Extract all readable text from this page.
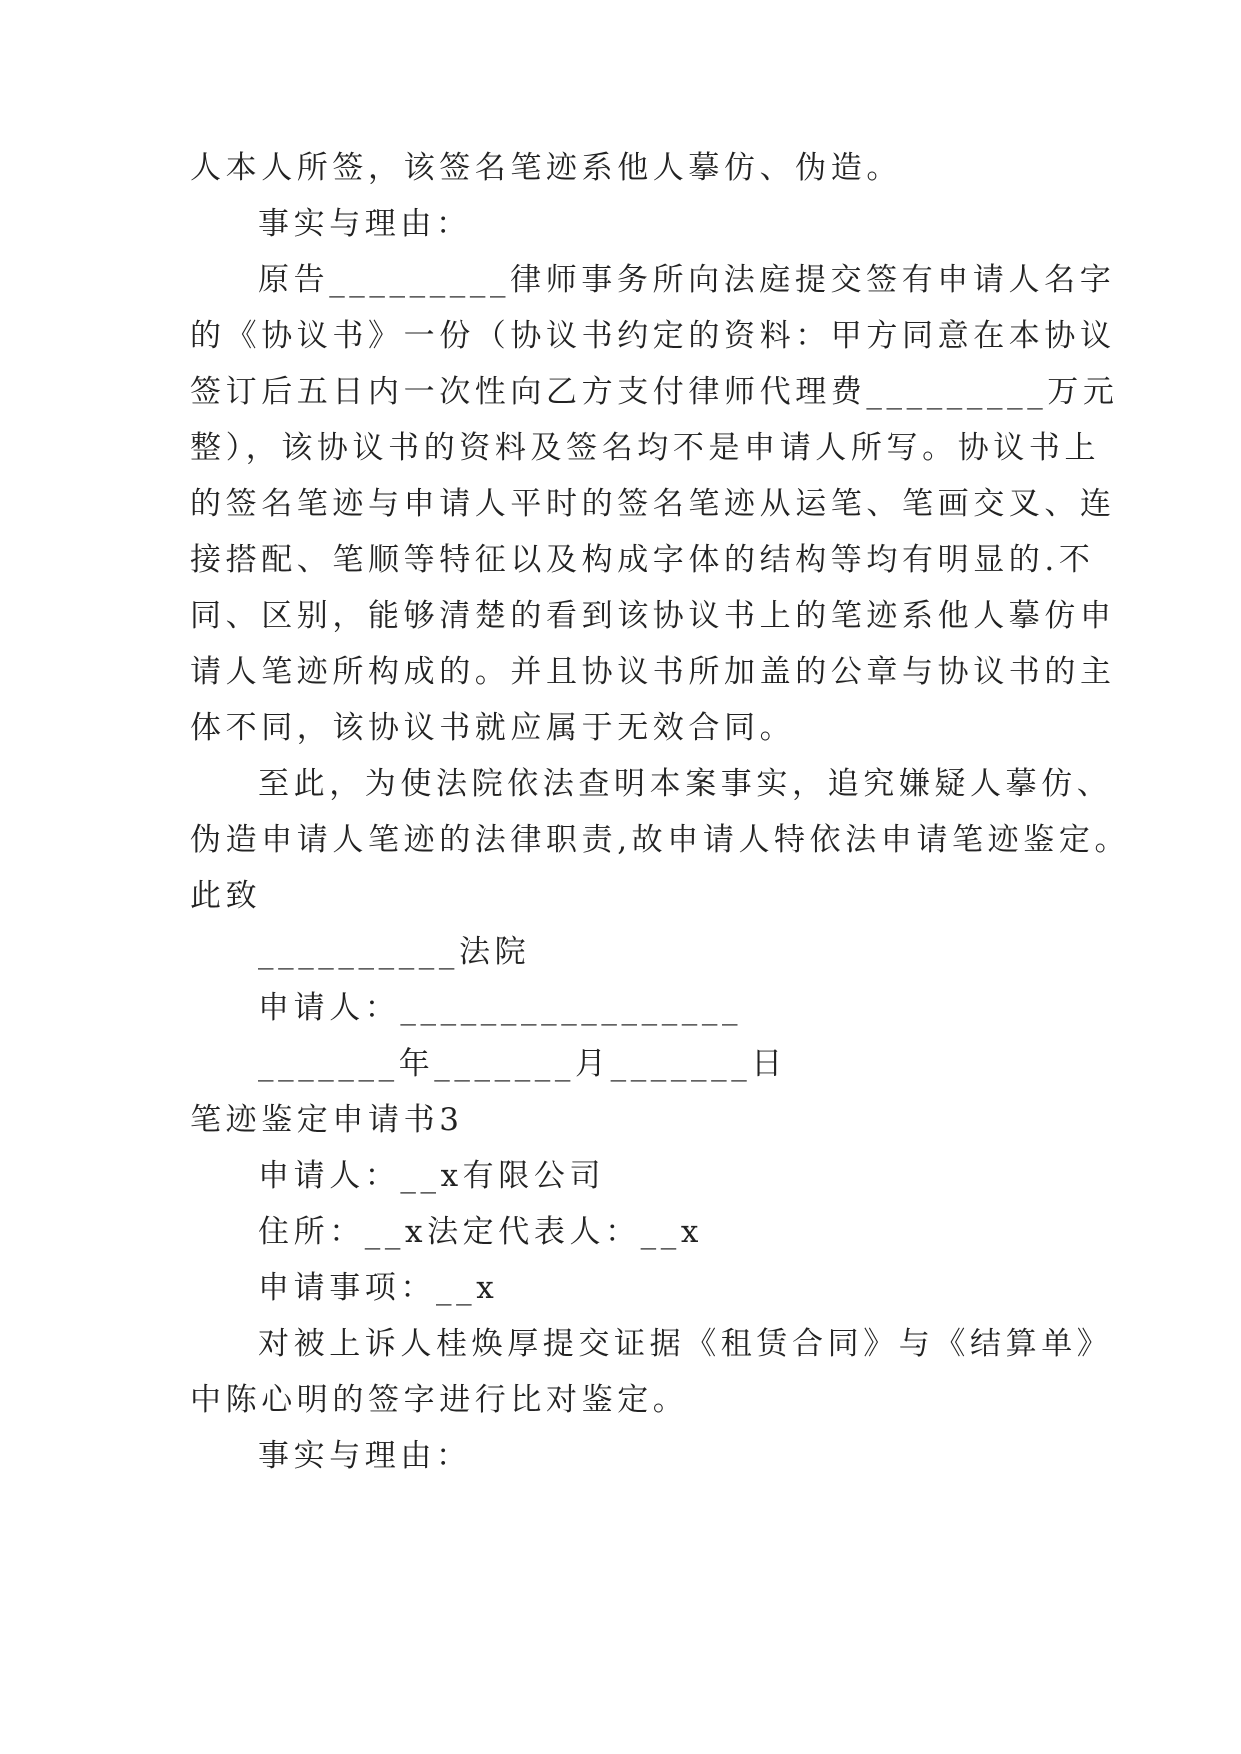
人本人所签，该签名笔迹系他人摹仿、伪造。
事实与理由：
原告_________律师事务所向法庭提交签有申请人名字
的《协议书》一份（协议书约定的资料：甲方同意在本协议
签订后五日内一次性向乙方支付律师代理费_________万元
整），该协议书的资料及签名均不是申请人所写。协议书上
的签名笔迹与申请人平时的签名笔迹从运笔、笔画交叉、连
接搭配、笔顺等特征以及构成字体的结构等均有明显的.不
同、区别，能够清楚的看到该协议书上的笔迹系他人摹仿申
请人笔迹所构成的。并且协议书所加盖的公章与协议书的主
体不同，该协议书就应属于无效合同。
至此，为使法院依法查明本案事实，追究嫌疑人摹仿、
伪造申请人笔迹的法律职责,故申请人特依法申请笔迹鉴定。
此致
__________法院
申请人：_________________
_______年_______月_______日
笔迹鉴定申请书3
申请人：__x有限公司
住所：__x法定代表人：__x
申请事项：__x
对被上诉人桂焕厚提交证据《租赁合同》与《结算单》
中陈心明的签字进行比对鉴定。
事实与理由：
